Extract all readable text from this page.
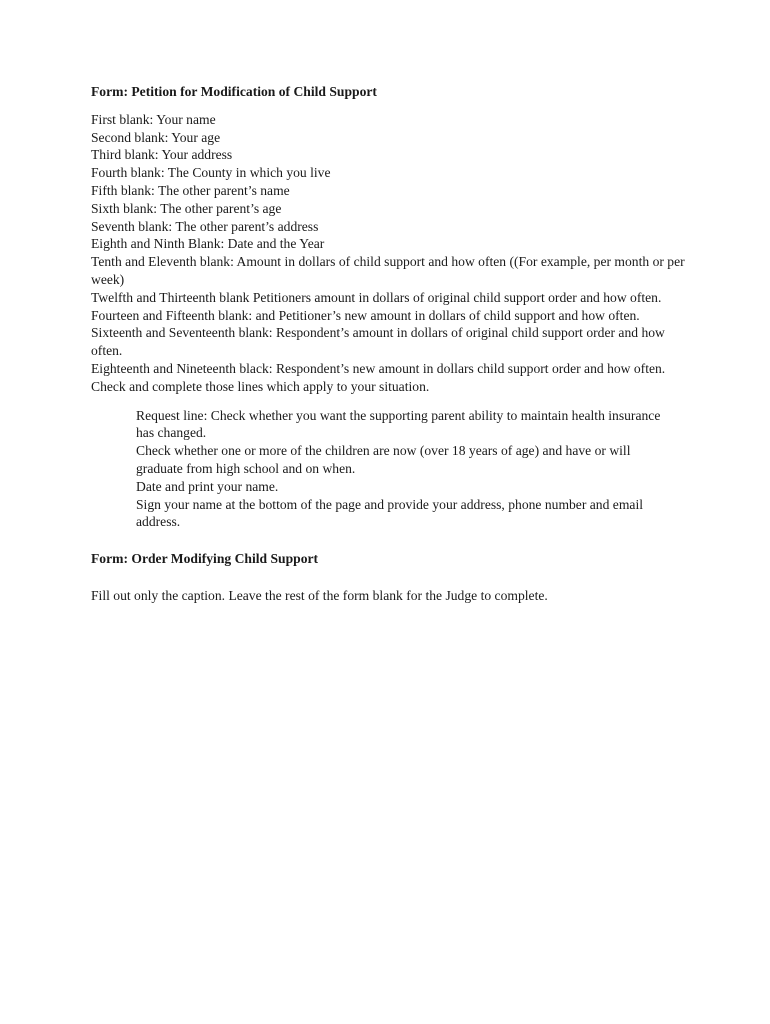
Form: Petition for Modification of Child Support

First blank: Your name
Second blank: Your age
Third blank: Your address
Fourth blank: The County in which you live
Fifth blank: The other parent’s name
Sixth blank: The other parent’s age
Seventh blank: The other parent’s address
Eighth and Ninth Blank: Date and the Year
Tenth and Eleventh blank: Amount in dollars of child support and how often ((For example, per month or per week)
Twelfth and Thirteenth blank Petitioners amount in dollars of original child support order and how often.
Fourteen and Fifteenth blank: and Petitioner’s new amount in dollars of child support and how often.
Sixteenth and Seventeenth blank: Respondent’s amount in dollars of original child support order and how often.
Eighteenth and Nineteenth black: Respondent’s new amount in dollars child support order and how often.
Check and complete those lines which apply to your situation.
Request line: Check whether you want the supporting parent ability to maintain health insurance has changed.
Check whether one or more of the children are now (over 18 years of age) and have or will graduate from high school and on when.
Date and print your name.
Sign your name at the bottom of the page and provide your address, phone number and email address.

Form: Order Modifying Child Support

Fill out only the caption. Leave the rest of the form blank for the Judge to complete.
